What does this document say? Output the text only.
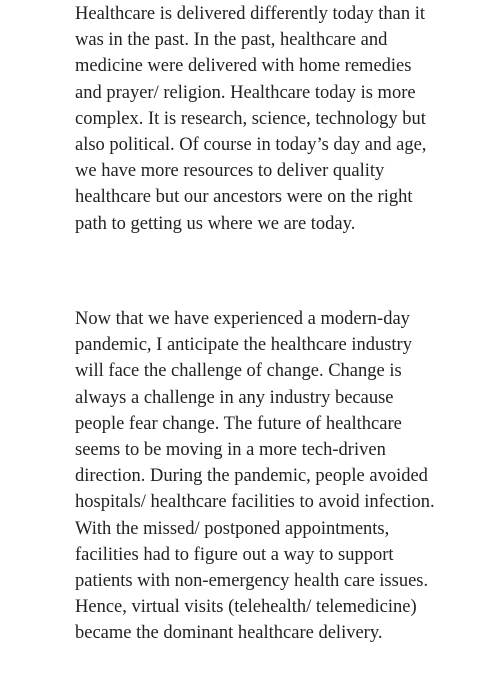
Healthcare is delivered differently today than it
was in the past. In the past, healthcare and
medicine were delivered with home remedies
and prayer/ religion. Healthcare today is more
complex. It is research, science, technology but
also political. Of course in today’s day and age,
we have more resources to deliver quality
healthcare but our ancestors were on the right
path to getting us where we are today.

Now that we have experienced a modern-day
pandemic, I anticipate the healthcare industry
will face the challenge of change. Change is
always a challenge in any industry because
people fear change. The future of healthcare
seems to be moving in a more tech-driven
direction. During the pandemic, people avoided
hospitals/ healthcare facilities to avoid infection.
With the missed/ postponed appointments,
facilities had to figure out a way to support
patients with non-emergency health care issues.
Hence, virtual visits (telehealth/ telemedicine)
became the dominant healthcare delivery.
